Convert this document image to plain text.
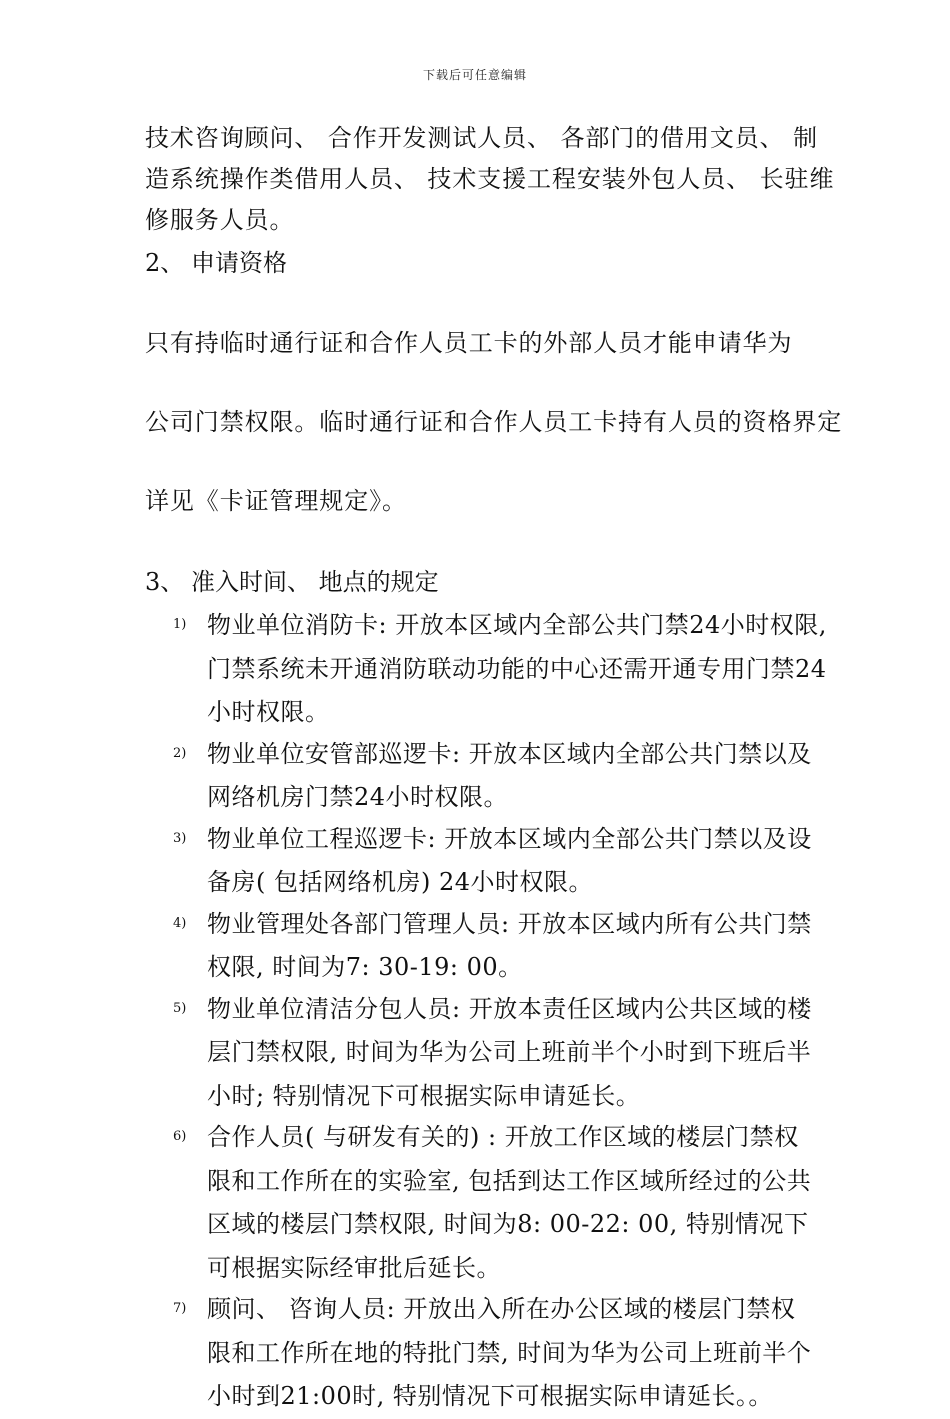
下载后可任意编辑
技术咨询顾问、 合作开发测试人员、 各部门的借用文员、 制
造系统操作类借用人员、 技术支援工程安装外包人员、 长驻维
修服务人员。
2、 申请资格

只有持临时通行证和合作人员工卡的外部人员才能申请华为

公司门禁权限。临时通行证和合作人员工卡持有人员的资格界定

详见《卡证管理规定》。

3、 准入时间、 地点的规定
1) 物业单位消防卡: 开放本区域内全部公共门禁24小时权限,
门禁系统未开通消防联动功能的中心还需开通专用门禁24
小时权限。
2) 物业单位安管部巡逻卡: 开放本区域内全部公共门禁以及
网络机房门禁24小时权限。
3) 物业单位工程巡逻卡: 开放本区域内全部公共门禁以及设
备房( 包括网络机房) 24小时权限。
4) 物业管理处各部门管理人员: 开放本区域内所有公共门禁
权限, 时间为7: 30-19: 00。
5) 物业单位清洁分包人员: 开放本责任区域内公共区域的楼
层门禁权限, 时间为华为公司上班前半个小时到下班后半
小时; 特别情况下可根据实际申请延长。
6) 合作人员( 与研发有关的) : 开放工作区域的楼层门禁权
限和工作所在的实验室, 包括到达工作区域所经过的公共
区域的楼层门禁权限, 时间为8: 00-22: 00, 特别情况下
可根据实际经审批后延长。
7) 顾问、 咨询人员: 开放出入所在办公区域的楼层门禁权
限和工作所在地的特批门禁, 时间为华为公司上班前半个
小时到21:00时, 特别情况下可根据实际申请延长。。
